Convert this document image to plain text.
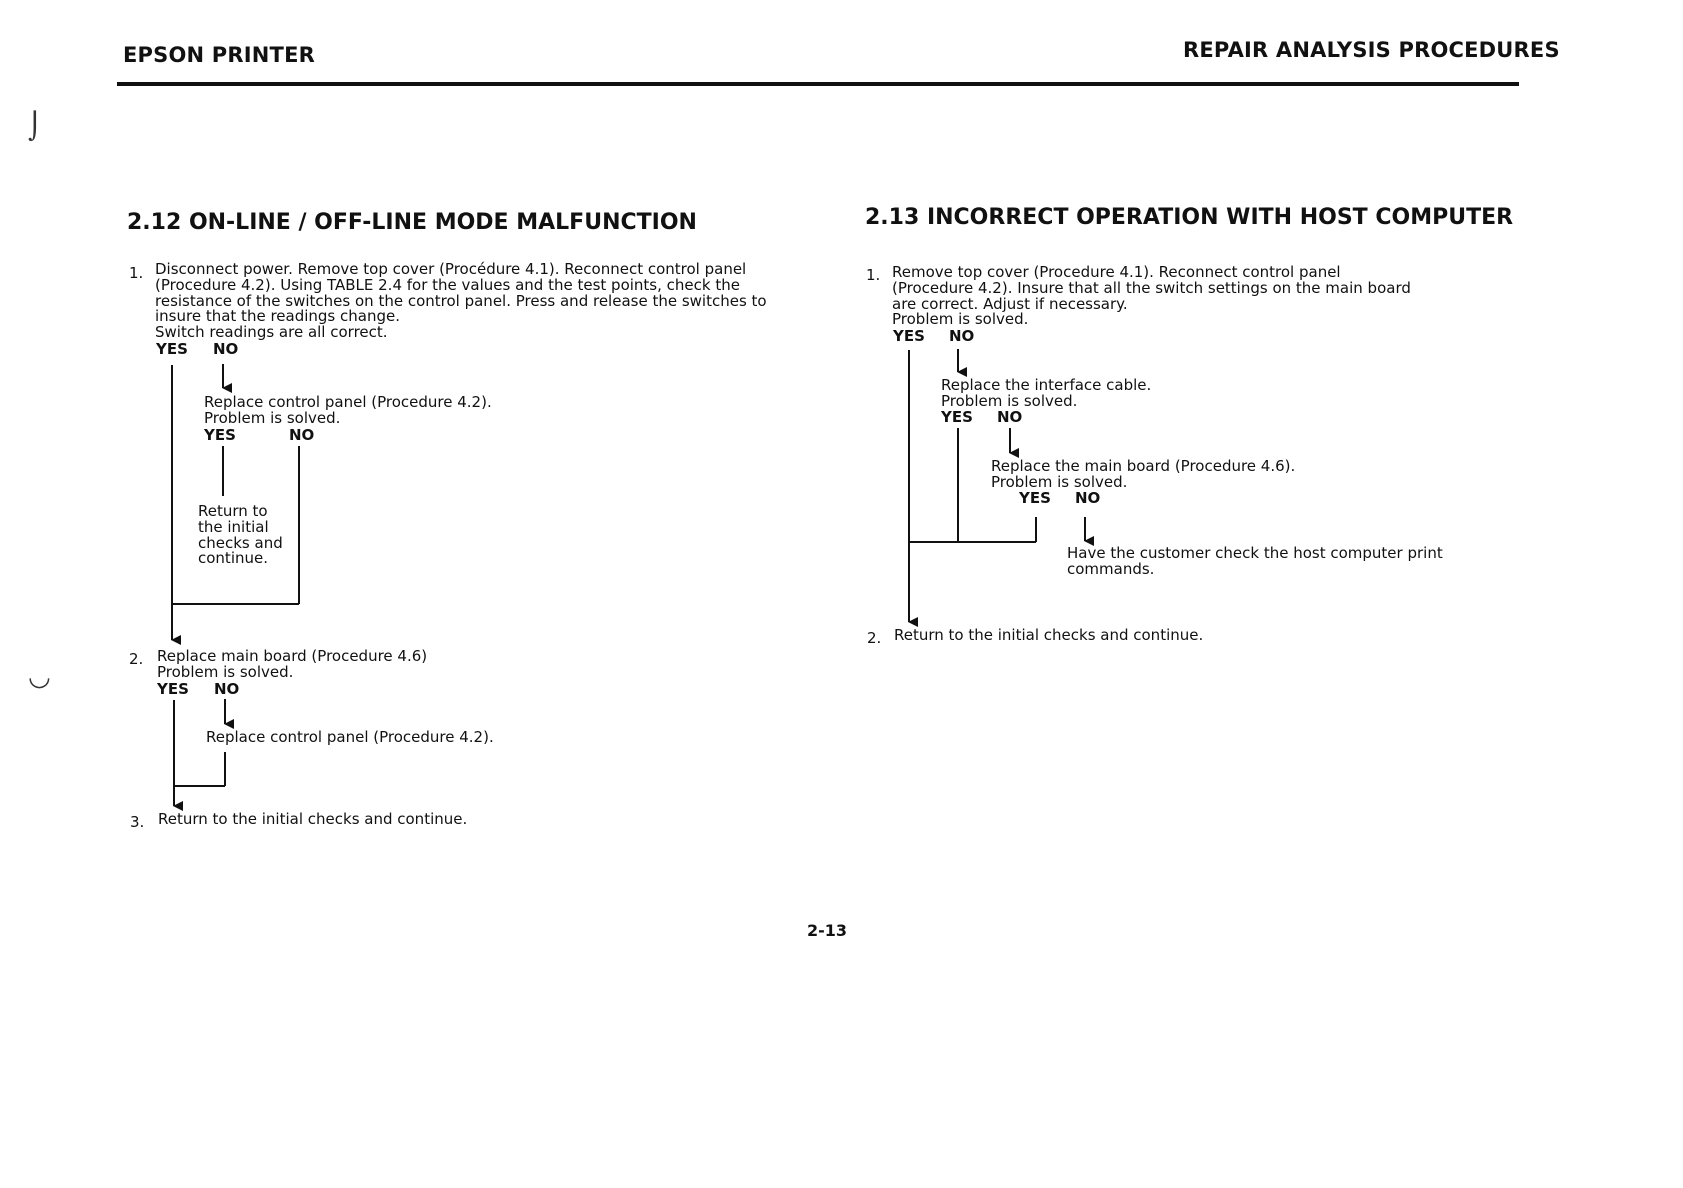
EPSON PRINTER	REPAIR ANALYSIS PROCEDURES
⌡
◡
2.12 ON-LINE / OFF-LINE MODE MALFUNCTION
1. Disconnect power. Remove top cover (Procédure 4.1). Reconnect control panel
(Procedure 4.2). Using TABLE 2.4 for the values and the test points, check the
resistance of the switches on the control panel. Press and release the switches to
insure that the readings change.
Switch readings are all correct.
YES NO
Replace control panel (Procedure 4.2).
Problem is solved.
YES	NO
Return to
the initial
checks and
continue.
2. Replace main board (Procedure 4.6)
Problem is solved.
YES NO
Replace control panel (Procedure 4.2).
3. Return to the initial checks and continue.
2.13 INCORRECT OPERATION WITH HOST COMPUTER
1. Remove top cover (Procedure 4.1). Reconnect control panel
(Procedure 4.2). Insure that all the switch settings on the main board
are correct. Adjust if necessary.
Problem is solved.
YES NO
Replace the interface cable.
Problem is solved.
YES NO
Replace the main board (Procedure 4.6).
Problem is solved.
YES NO
Have the customer check the host computer print
commands.
2. Return to the initial checks and continue.
2-13
